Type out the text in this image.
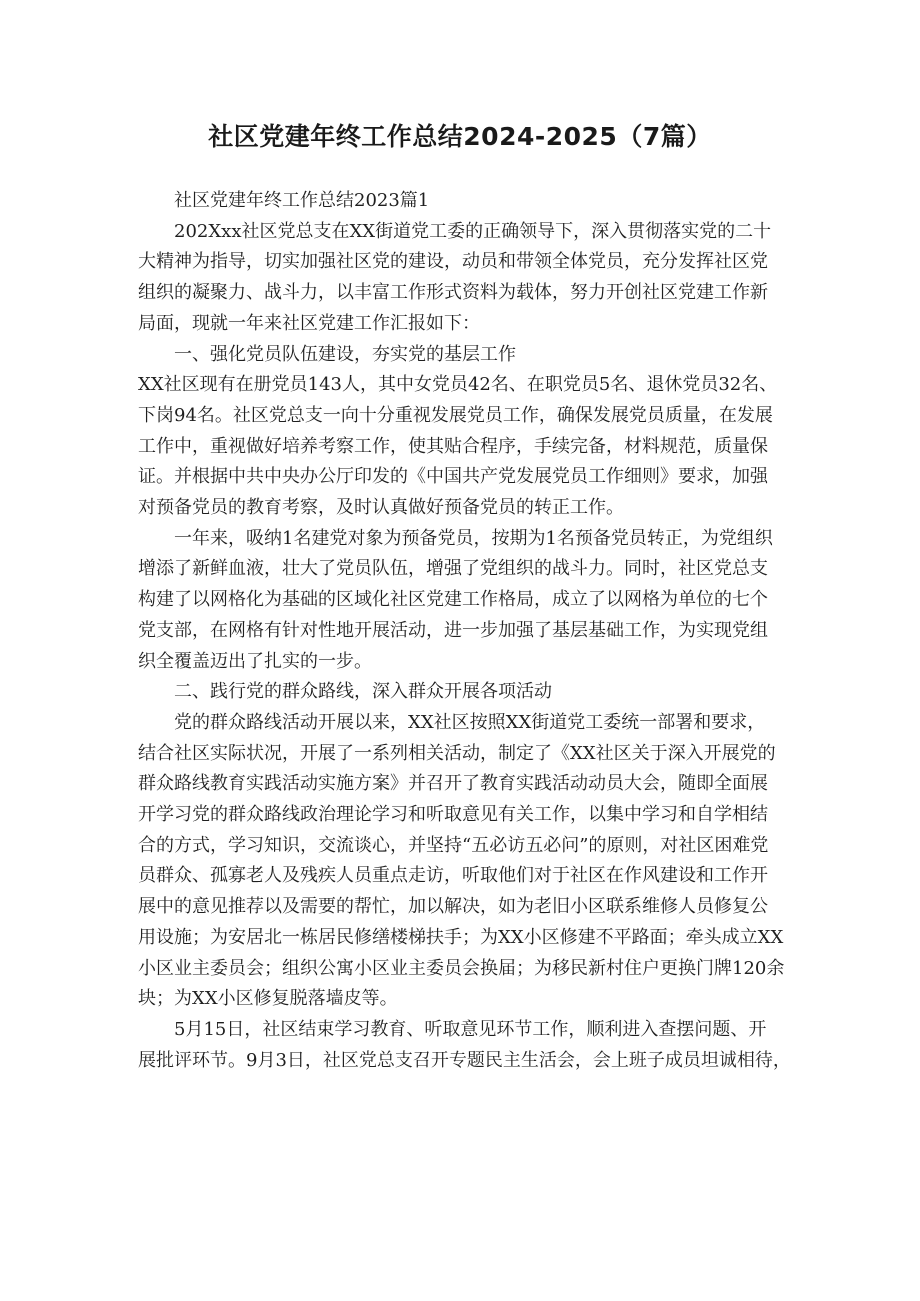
社区党建年终工作总结2024-2025（7篇）

社区党建年终工作总结2023篇1

202Xxx社区党总支在XX街道党工委的正确领导下，深入贯彻落实党的二十

大精神为指导，切实加强社区党的建设，动员和带领全体党员，充分发挥社区党

组织的凝聚力、战斗力，以丰富工作形式资料为载体，努力开创社区党建工作新

局面，现就一年来社区党建工作汇报如下：

一、强化党员队伍建设，夯实党的基层工作

XX社区现有在册党员143人，其中女党员42名、在职党员5名、退休党员32名、

下岗94名。社区党总支一向十分重视发展党员工作，确保发展党员质量，在发展

工作中，重视做好培养考察工作，使其贴合程序，手续完备，材料规范，质量保

证。并根据中共中央办公厅印发的《中国共产党发展党员工作细则》要求，加强

对预备党员的教育考察，及时认真做好预备党员的转正工作。

一年来，吸纳1名建党对象为预备党员，按期为1名预备党员转正，为党组织

增添了新鲜血液，壮大了党员队伍，增强了党组织的战斗力。同时，社区党总支

构建了以网格化为基础的区域化社区党建工作格局，成立了以网格为单位的七个

党支部，在网格有针对性地开展活动，进一步加强了基层基础工作，为实现党组

织全覆盖迈出了扎实的一步。

二、践行党的群众路线，深入群众开展各项活动

党的群众路线活动开展以来，XX社区按照XX街道党工委统一部署和要求，

结合社区实际状况，开展了一系列相关活动，制定了《XX社区关于深入开展党的

群众路线教育实践活动实施方案》并召开了教育实践活动动员大会，随即全面展

开学习党的群众路线政治理论学习和听取意见有关工作，以集中学习和自学相结

合的方式，学习知识，交流谈心，并坚持“五必访五必问”的原则，对社区困难党

员群众、孤寡老人及残疾人员重点走访，听取他们对于社区在作风建设和工作开

展中的意见推荐以及需要的帮忙，加以解决，如为老旧小区联系维修人员修复公

用设施；为安居北一栋居民修缮楼梯扶手；为XX小区修建不平路面；牵头成立XX

小区业主委员会；组织公寓小区业主委员会换届；为移民新村住户更换门牌120余

块；为XX小区修复脱落墙皮等。

5月15日，社区结束学习教育、听取意见环节工作，顺利进入查摆问题、开

展批评环节。9月3日，社区党总支召开专题民主生活会，会上班子成员坦诚相待，
